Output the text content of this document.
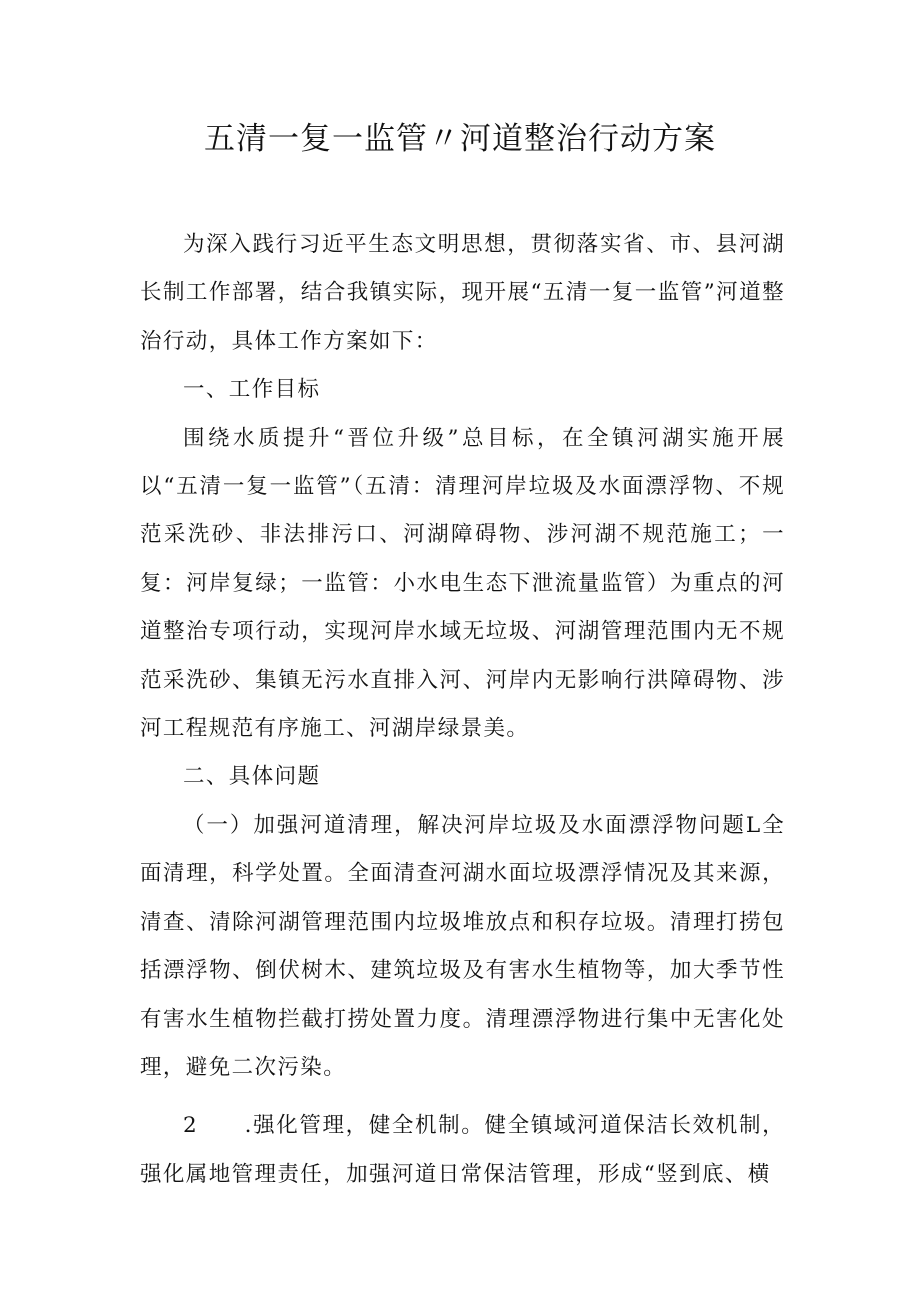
五清一复一监管〃河道整治行动方案

为深入践行习近平生态文明思想，贯彻落实省、市、县河湖长制工作部署，结合我镇实际，现开展“五清一复一监管”河道整治行动，具体工作方案如下：

一、工作目标

围绕水质提升“晋位升级”总目标，在全镇河湖实施开展以“五清一复一监管”（五清：清理河岸垃圾及水面漂浮物、不规范采洗砂、非法排污口、河湖障碍物、涉河湖不规范施工；一复：河岸复绿；一监管：小水电生态下泄流量监管）为重点的河道整治专项行动，实现河岸水域无垃圾、河湖管理范围内无不规范采洗砂、集镇无污水直排入河、河岸内无影响行洪障碍物、涉河工程规范有序施工、河湖岸绿景美。

二、具体问题

（一）加强河道清理，解决河岸垃圾及水面漂浮物问题L全面清理，科学处置。全面清查河湖水面垃圾漂浮情况及其来源，清查、清除河湖管理范围内垃圾堆放点和积存垃圾。清理打捞包括漂浮物、倒伏树木、建筑垃圾及有害水生植物等，加大季节性有害水生植物拦截打捞处置力度。清理漂浮物进行集中无害化处理，避免二次污染。

2　　.强化管理，健全机制。健全镇域河道保洁长效机制，强化属地管理责任，加强河道日常保洁管理，形成“竖到底、横
